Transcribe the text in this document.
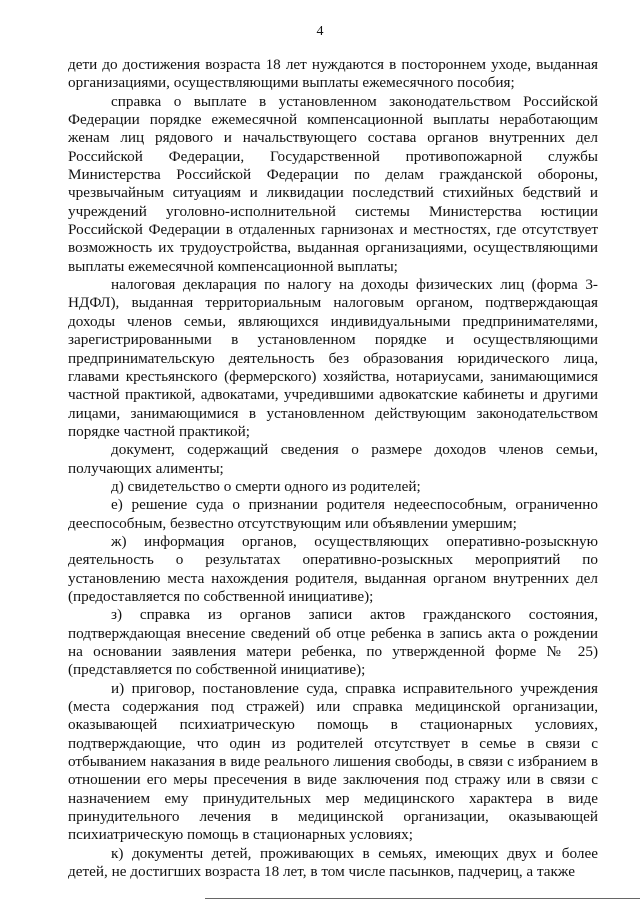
4

дети до достижения возраста 18 лет нуждаются в постороннем уходе, выданная организациями, осуществляющими выплаты ежемесячного пособия;

справка о выплате в установленном законодательством Российской Федерации порядке ежемесячной компенсационной выплаты неработающим женам лиц рядового и начальствующего состава органов внутренних дел Российской Федерации, Государственной противопожарной службы Министерства Российской Федерации по делам гражданской обороны, чрезвычайным ситуациям и ликвидации последствий стихийных бедствий и учреждений уголовно-исполнительной системы Министерства юстиции Российской Федерации в отдаленных гарнизонах и местностях, где отсутствует возможность их трудоустройства, выданная организациями, осуществляющими выплаты ежемесячной компенсационной выплаты;

налоговая декларация по налогу на доходы физических лиц (форма 3-НДФЛ), выданная территориальным налоговым органом, подтверждающая доходы членов семьи, являющихся индивидуальными предпринимателями, зарегистрированными в установленном порядке и осуществляющими предпринимательскую деятельность без образования юридического лица, главами крестьянского (фермерского) хозяйства, нотариусами, занимающимися частной практикой, адвокатами, учредившими адвокатские кабинеты и другими лицами, занимающимися в установленном действующим законодательством порядке частной практикой;

документ, содержащий сведения о размере доходов членов семьи, получающих алименты;

д) свидетельство о смерти одного из родителей;

е) решение суда о признании родителя недееспособным, ограниченно дееспособным, безвестно отсутствующим или объявлении умершим;

ж) информация органов, осуществляющих оперативно-розыскную деятельность о результатах оперативно-розыскных мероприятий по установлению места нахождения родителя, выданная органом внутренних дел (предоставляется по собственной инициативе);

з) справка из органов записи актов гражданского состояния, подтверждающая внесение сведений об отце ребенка в запись акта о рождении на основании заявления матери ребенка, по утвержденной форме № 25) (представляется по собственной инициативе);

и) приговор, постановление суда, справка исправительного учреждения (места содержания под стражей) или справка медицинской организации, оказывающей психиатрическую помощь в стационарных условиях, подтверждающие, что один из родителей отсутствует в семье в связи с отбыванием наказания в виде реального лишения свободы, в связи с избранием в отношении его меры пресечения в виде заключения под стражу или в связи с назначением ему принудительных мер медицинского характера в виде принудительного лечения в медицинской организации, оказывающей психиатрическую помощь в стационарных условиях;

к) документы детей, проживающих в семьях, имеющих двух и более детей, не достигших возраста 18 лет, в том числе пасынков, падчериц, а также
